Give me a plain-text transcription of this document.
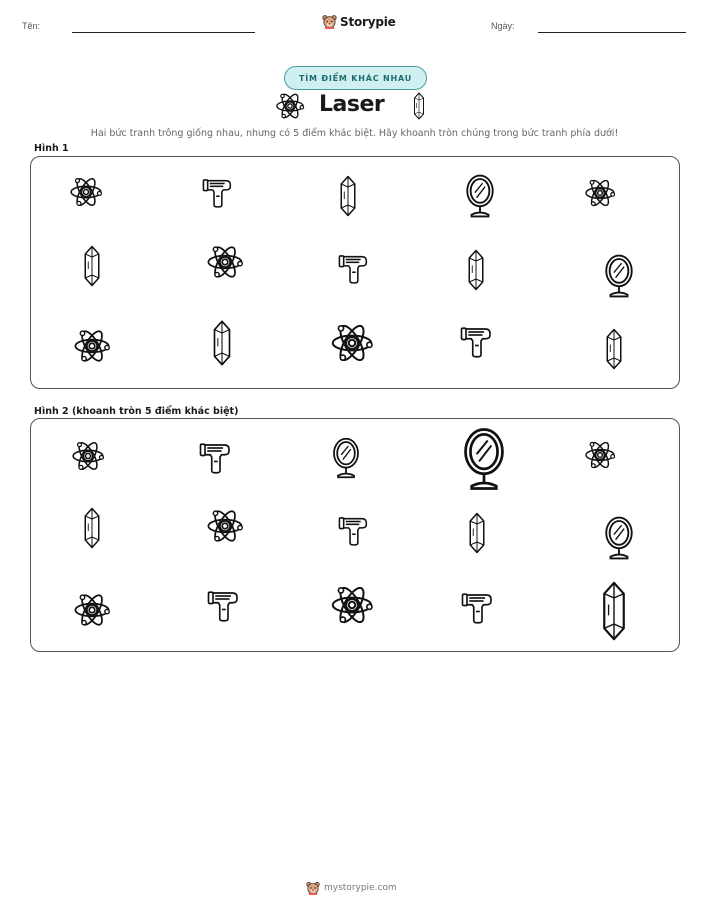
Tên:	Storypie	Ngày:
TÌM ĐIỂM KHÁC NHAU
Laser
Hai bức tranh trông giống nhau, nhưng có 5 điểm khác biệt. Hãy khoanh tròn chúng trong bức tranh phía dưới!
Hình 1
Hình 2 (khoanh tròn 5 điểm khác biệt)
mystorypie.com
